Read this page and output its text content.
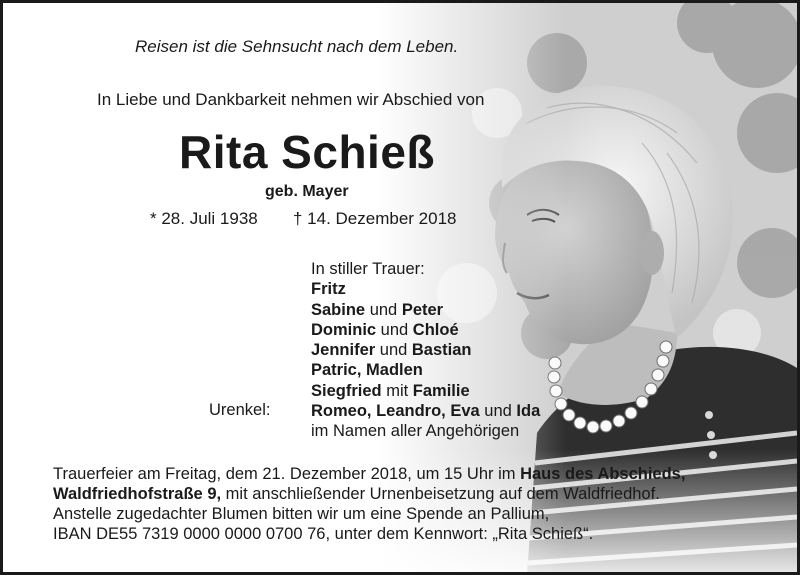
Reisen ist die Sehnsucht nach dem Leben.
In Liebe und Dankbarkeit nehmen wir Abschied von
Rita Schieß
geb. Mayer
* 28. Juli 1938 † 14. Dezember 2018
In stiller Trauer:
Fritz
Sabine und Peter
Dominic und Chloé
Jennifer und Bastian
Patric, Madlen
Siegfried mit Familie
Romeo, Leandro, Eva und Ida
im Namen aller Angehörigen
Urenkel:
Trauerfeier am Freitag, dem 21. Dezember 2018, um 15 Uhr im Haus des Abschieds,
Waldfriedhofstraße 9, mit anschließender Urnenbeisetzung auf dem Waldfriedhof.
Anstelle zugedachter Blumen bitten wir um eine Spende an Pallium,
IBAN DE55 7319 0000 0000 0700 76, unter dem Kennwort: „Rita Schieß“.
